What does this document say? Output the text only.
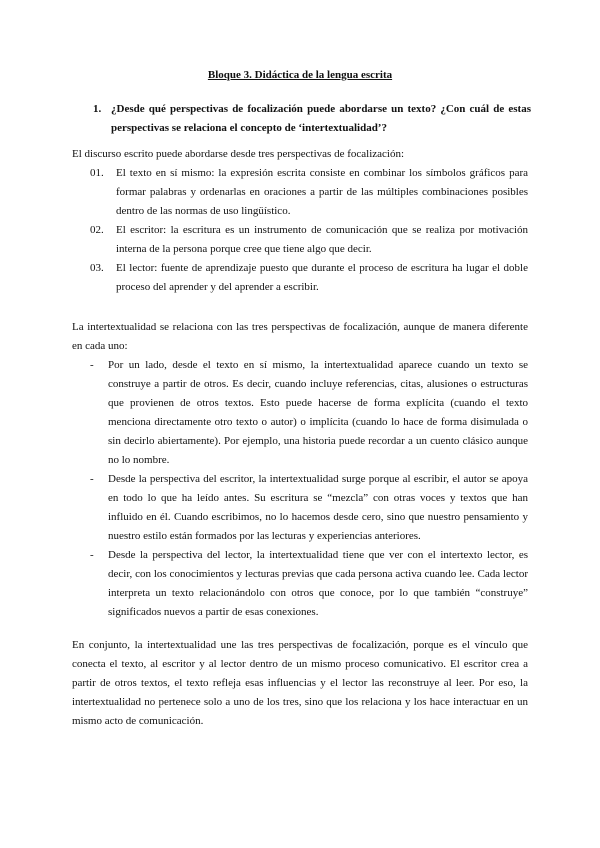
Bloque 3. Didáctica de la lengua escrita
1. ¿Desde qué perspectivas de focalización puede abordarse un texto? ¿Con cuál de estas perspectivas se relaciona el concepto de ‘intertextualidad’?
El discurso escrito puede abordarse desde tres perspectivas de focalización:
01. El texto en sí mismo: la expresión escrita consiste en combinar los símbolos gráficos para formar palabras y ordenarlas en oraciones a partir de las múltiples combinaciones posibles dentro de las normas de uso lingüístico.
02. El escritor: la escritura es un instrumento de comunicación que se realiza por motivación interna de la persona porque cree que tiene algo que decir.
03. El lector: fuente de aprendizaje puesto que durante el proceso de escritura ha lugar el doble proceso del aprender y del aprender a escribir.
La intertextualidad se relaciona con las tres perspectivas de focalización, aunque de manera diferente en cada uno:
- Por un lado, desde el texto en sí mismo, la intertextualidad aparece cuando un texto se construye a partir de otros. Es decir, cuando incluye referencias, citas, alusiones o estructuras que provienen de otros textos. Esto puede hacerse de forma explícita (cuando el texto menciona directamente otro texto o autor) o implícita (cuando lo hace de forma disimulada o sin decirlo abiertamente). Por ejemplo, una historia puede recordar a un cuento clásico aunque no lo nombre.
- Desde la perspectiva del escritor, la intertextualidad surge porque al escribir, el autor se apoya en todo lo que ha leído antes. Su escritura se “mezcla” con otras voces y textos que han influido en él. Cuando escribimos, no lo hacemos desde cero, sino que nuestro pensamiento y nuestro estilo están formados por las lecturas y experiencias anteriores.
- Desde la perspectiva del lector, la intertextualidad tiene que ver con el intertexto lector, es decir, con los conocimientos y lecturas previas que cada persona activa cuando lee. Cada lector interpreta un texto relacionándolo con otros que conoce, por lo que también “construye” significados nuevos a partir de esas conexiones.
En conjunto, la intertextualidad une las tres perspectivas de focalización, porque es el vínculo que conecta el texto, al escritor y al lector dentro de un mismo proceso comunicativo. El escritor crea a partir de otros textos, el texto refleja esas influencias y el lector las reconstruye al leer. Por eso, la intertextualidad no pertenece solo a uno de los tres, sino que los relaciona y los hace interactuar en un mismo acto de comunicación.
